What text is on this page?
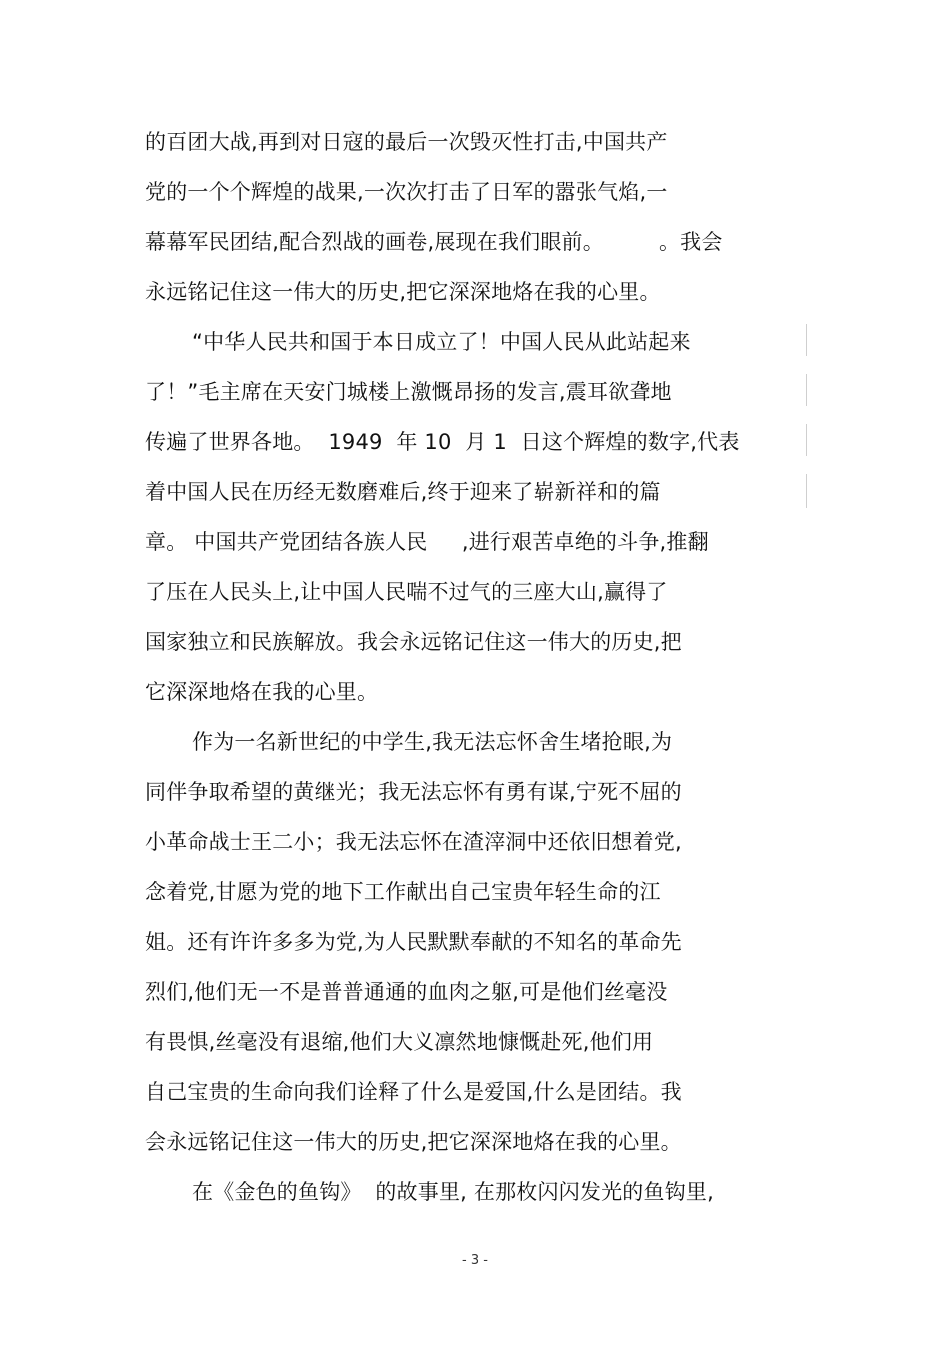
的百团大战,再到对日寇的最后一次毁灭性打击,中国共产
党的一个个辉煌的战果,一次次打击了日军的嚣张气焰,一
幕幕军民团结,配合烈战的画卷,展现在我们眼前。        。我会
永远铭记住这一伟大的历史,把它深深地烙在我的心里。
“中华人民共和国于本日成立了！中国人民从此站起来
了！”毛主席在天安门城楼上激慨昂扬的发言,震耳欲聋地
传遍了世界各地。  1949  年 10  月 1  日这个辉煌的数字,代表
着中国人民在历经无数磨难后,终于迎来了崭新祥和的篇
章。 中国共产党团结各族人民     ,进行艰苦卓绝的斗争,推翻
了压在人民头上,让中国人民喘不过气的三座大山,赢得了
国家独立和民族解放。我会永远铭记住这一伟大的历史,把
它深深地烙在我的心里。
作为一名新世纪的中学生,我无法忘怀舍生堵抢眼,为
同伴争取希望的黄继光；我无法忘怀有勇有谋,宁死不屈的
小革命战士王二小；我无法忘怀在渣滓洞中还依旧想着党,
念着党,甘愿为党的地下工作献出自己宝贵年轻生命的江
姐。还有许许多多为党,为人民默默奉献的不知名的革命先
烈们,他们无一不是普普通通的血肉之躯,可是他们丝毫没
有畏惧,丝毫没有退缩,他们大义凛然地慷慨赴死,他们用
自己宝贵的生命向我们诠释了什么是爱国,什么是团结。我
会永远铭记住这一伟大的历史,把它深深地烙在我的心里。
在《金色的鱼钩》  的故事里, 在那枚闪闪发光的鱼钩里,
- 3 -
